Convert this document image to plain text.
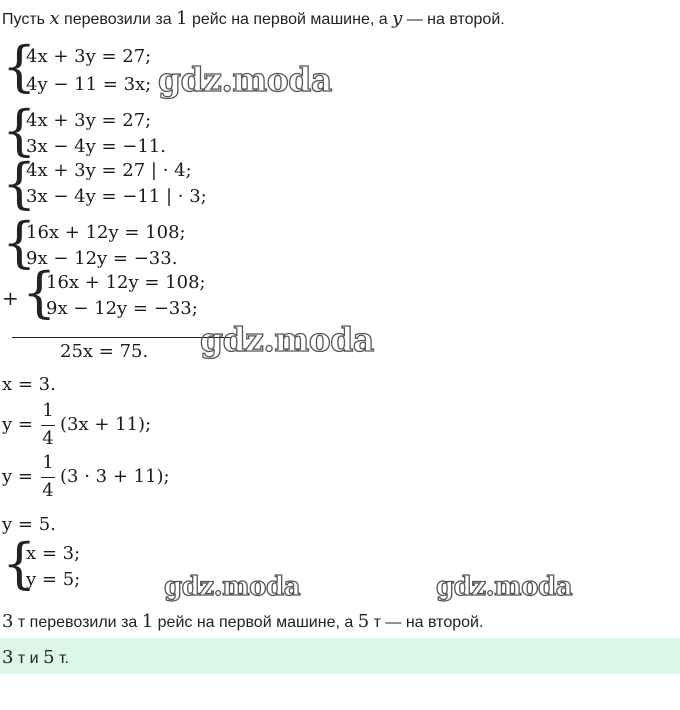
Пусть x перевозили за 1 рейс на первой машине, а y — на второй.
{
4x + 3y = 27;
4y − 11 = 3x; gdz.moda
{
{
4x + 3y = 27;
3x − 4y = −11.
4x + 3y = 27 | · 4;
3x − 4y = −11 | · 3;
{
16x + 12y = 108;
9x − 12y = −33.
+ {
16x + 12y = 108;
9x − 12y = −33;
gdz.moda
25x = 75.
x = 3.
y =
1
4
(3x + 11);
y =
1
4
(3 · 3 + 11);
y = 5.
{
x = 3;
y = 5;	gdz.moda	gdz.moda
3 т перевозили за 1 рейс на первой машине, а 5 т — на второй.
3 т и 5 т.
